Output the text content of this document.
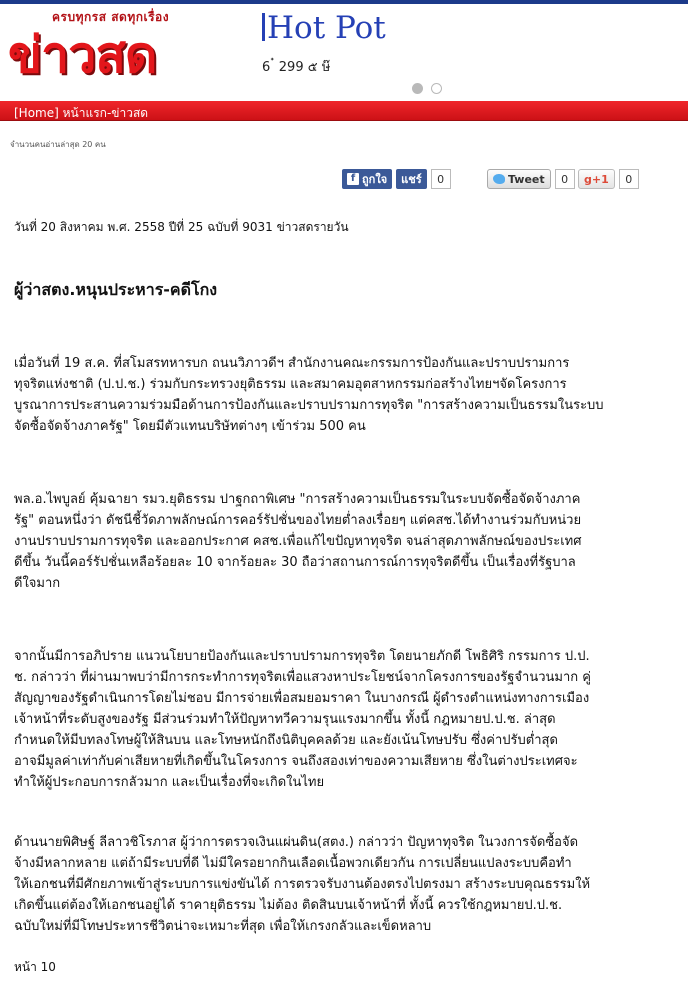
ครบทุกรส สดทุกเรื่อง
ข่าวสด	Hot Pot
6 ๋ 299 ๕ ษ๊
[Home] หน้าแรก-ข่าวสด
จำนวนคนอ่านล่าสุด 20 คน
f ถูกใจ	แชร์	0	Tweet	0	g +1	0
วันที่ 20 สิงหาคม พ.ศ. 2558 ปีที่ 25 ฉบับที่ 9031 ข่าวสดรายวัน
ผู้ว่าสตง.หนุนประหาร-คดีโกง
เมื่อวันที่ 19 ส.ค. ที่สโมสรทหารบก ถนนวิภาวดีฯ สำนักงานคณะกรรมการป้องกันและปราบปรามการ
ทุจริตแห่งชาติ (ป.ป.ช.) ร่วมกับกระทรวงยุติธรรม และสมาคมอุตสาหกรรมก่อสร้างไทยฯจัดโครงการ
บูรณาการประสานความร่วมมือด้านการป้องกันและปราบปรามการทุจริต "การสร้างความเป็นธรรมในระบบ
จัดซื้อจัดจ้างภาครัฐ" โดยมีตัวแทนบริษัทต่างๆ เข้าร่วม 500 คน
พล.อ.ไพบูลย์ คุ้มฉายา รมว.ยุติธรรม ปาฐกถาพิเศษ "การสร้างความเป็นธรรมในระบบจัดซื้อจัดจ้างภาค
รัฐ" ตอนหนึ่งว่า ดัชนีชี้วัดภาพลักษณ์การคอร์รัปชั่นของไทยต่ำลงเรื่อยๆ แต่คสช.ได้ทำงานร่วมกับหน่วย
งานปราบปรามการทุจริต และออกประกาศ คสช.เพื่อแก้ไขปัญหาทุจริต จนล่าสุดภาพลักษณ์ของประเทศ
ดีขึ้น วันนี้คอร์รัปชั่นเหลือร้อยละ 10 จากร้อยละ 30 ถือว่าสถานการณ์การทุจริตดีขึ้น เป็นเรื่องที่รัฐบาล
ดีใจมาก
จากนั้นมีการอภิปราย แนวนโยบายป้องกันและปราบปรามการทุจริต โดยนายภักดี โพธิศิริ กรรมการ ป.ป.
ช. กล่าวว่า ที่ผ่านมาพบว่ามีการกระทำการทุจริตเพื่อแสวงหาประโยชน์จากโครงการของรัฐจำนวนมาก คู่
สัญญาของรัฐดำเนินการโดยไม่ชอบ มีการจ่ายเพื่อสมยอมราคา ในบางกรณี ผู้ดำรงตำแหน่งทางการเมือง
เจ้าหน้าที่ระดับสูงของรัฐ มีส่วนร่วมทำให้ปัญหาทวีความรุนแรงมากขึ้น ทั้งนี้ กฎหมายป.ป.ช. ล่าสุด
กำหนดให้มีบทลงโทษผู้ให้สินบน และโทษหนักถึงนิติบุคคลด้วย และยังเน้นโทษปรับ ซึ่งค่าปรับต่ำสุด
อาจมีมูลค่าเท่ากับค่าเสียหายที่เกิดขึ้นในโครงการ จนถึงสองเท่าของความเสียหาย ซึ่งในต่างประเทศจะ
ทำให้ผู้ประกอบการกลัวมาก และเป็นเรื่องที่จะเกิดในไทย
ด้านนายพิศิษฐ์ ลีลาวชิโรภาส ผู้ว่าการตรวจเงินแผ่นดิน(สตง.) กล่าวว่า ปัญหาทุจริต ในวงการจัดซื้อจัด
จ้างมีหลากหลาย แต่ถ้ามีระบบที่ดี ไม่มีใครอยากกินเลือดเนื้อพวกเดียวกัน การเปลี่ยนแปลงระบบคือทำ
ให้เอกชนที่มีศักยภาพเข้าสู่ระบบการแข่งขันได้ การตรวจรับงานต้องตรงไปตรงมา สร้างระบบคุณธรรมให้
เกิดขึ้นแต่ต้องให้เอกชนอยู่ได้ ราคายุติธรรม ไม่ต้อง ติดสินบนเจ้าหน้าที่ ทั้งนี้ ควรใช้กฎหมายป.ป.ช.
ฉบับใหม่ที่มีโทษประหารชีวิตน่าจะเหมาะที่สุด เพื่อให้เกรงกลัวและเข็ดหลาบ
หน้า 10
